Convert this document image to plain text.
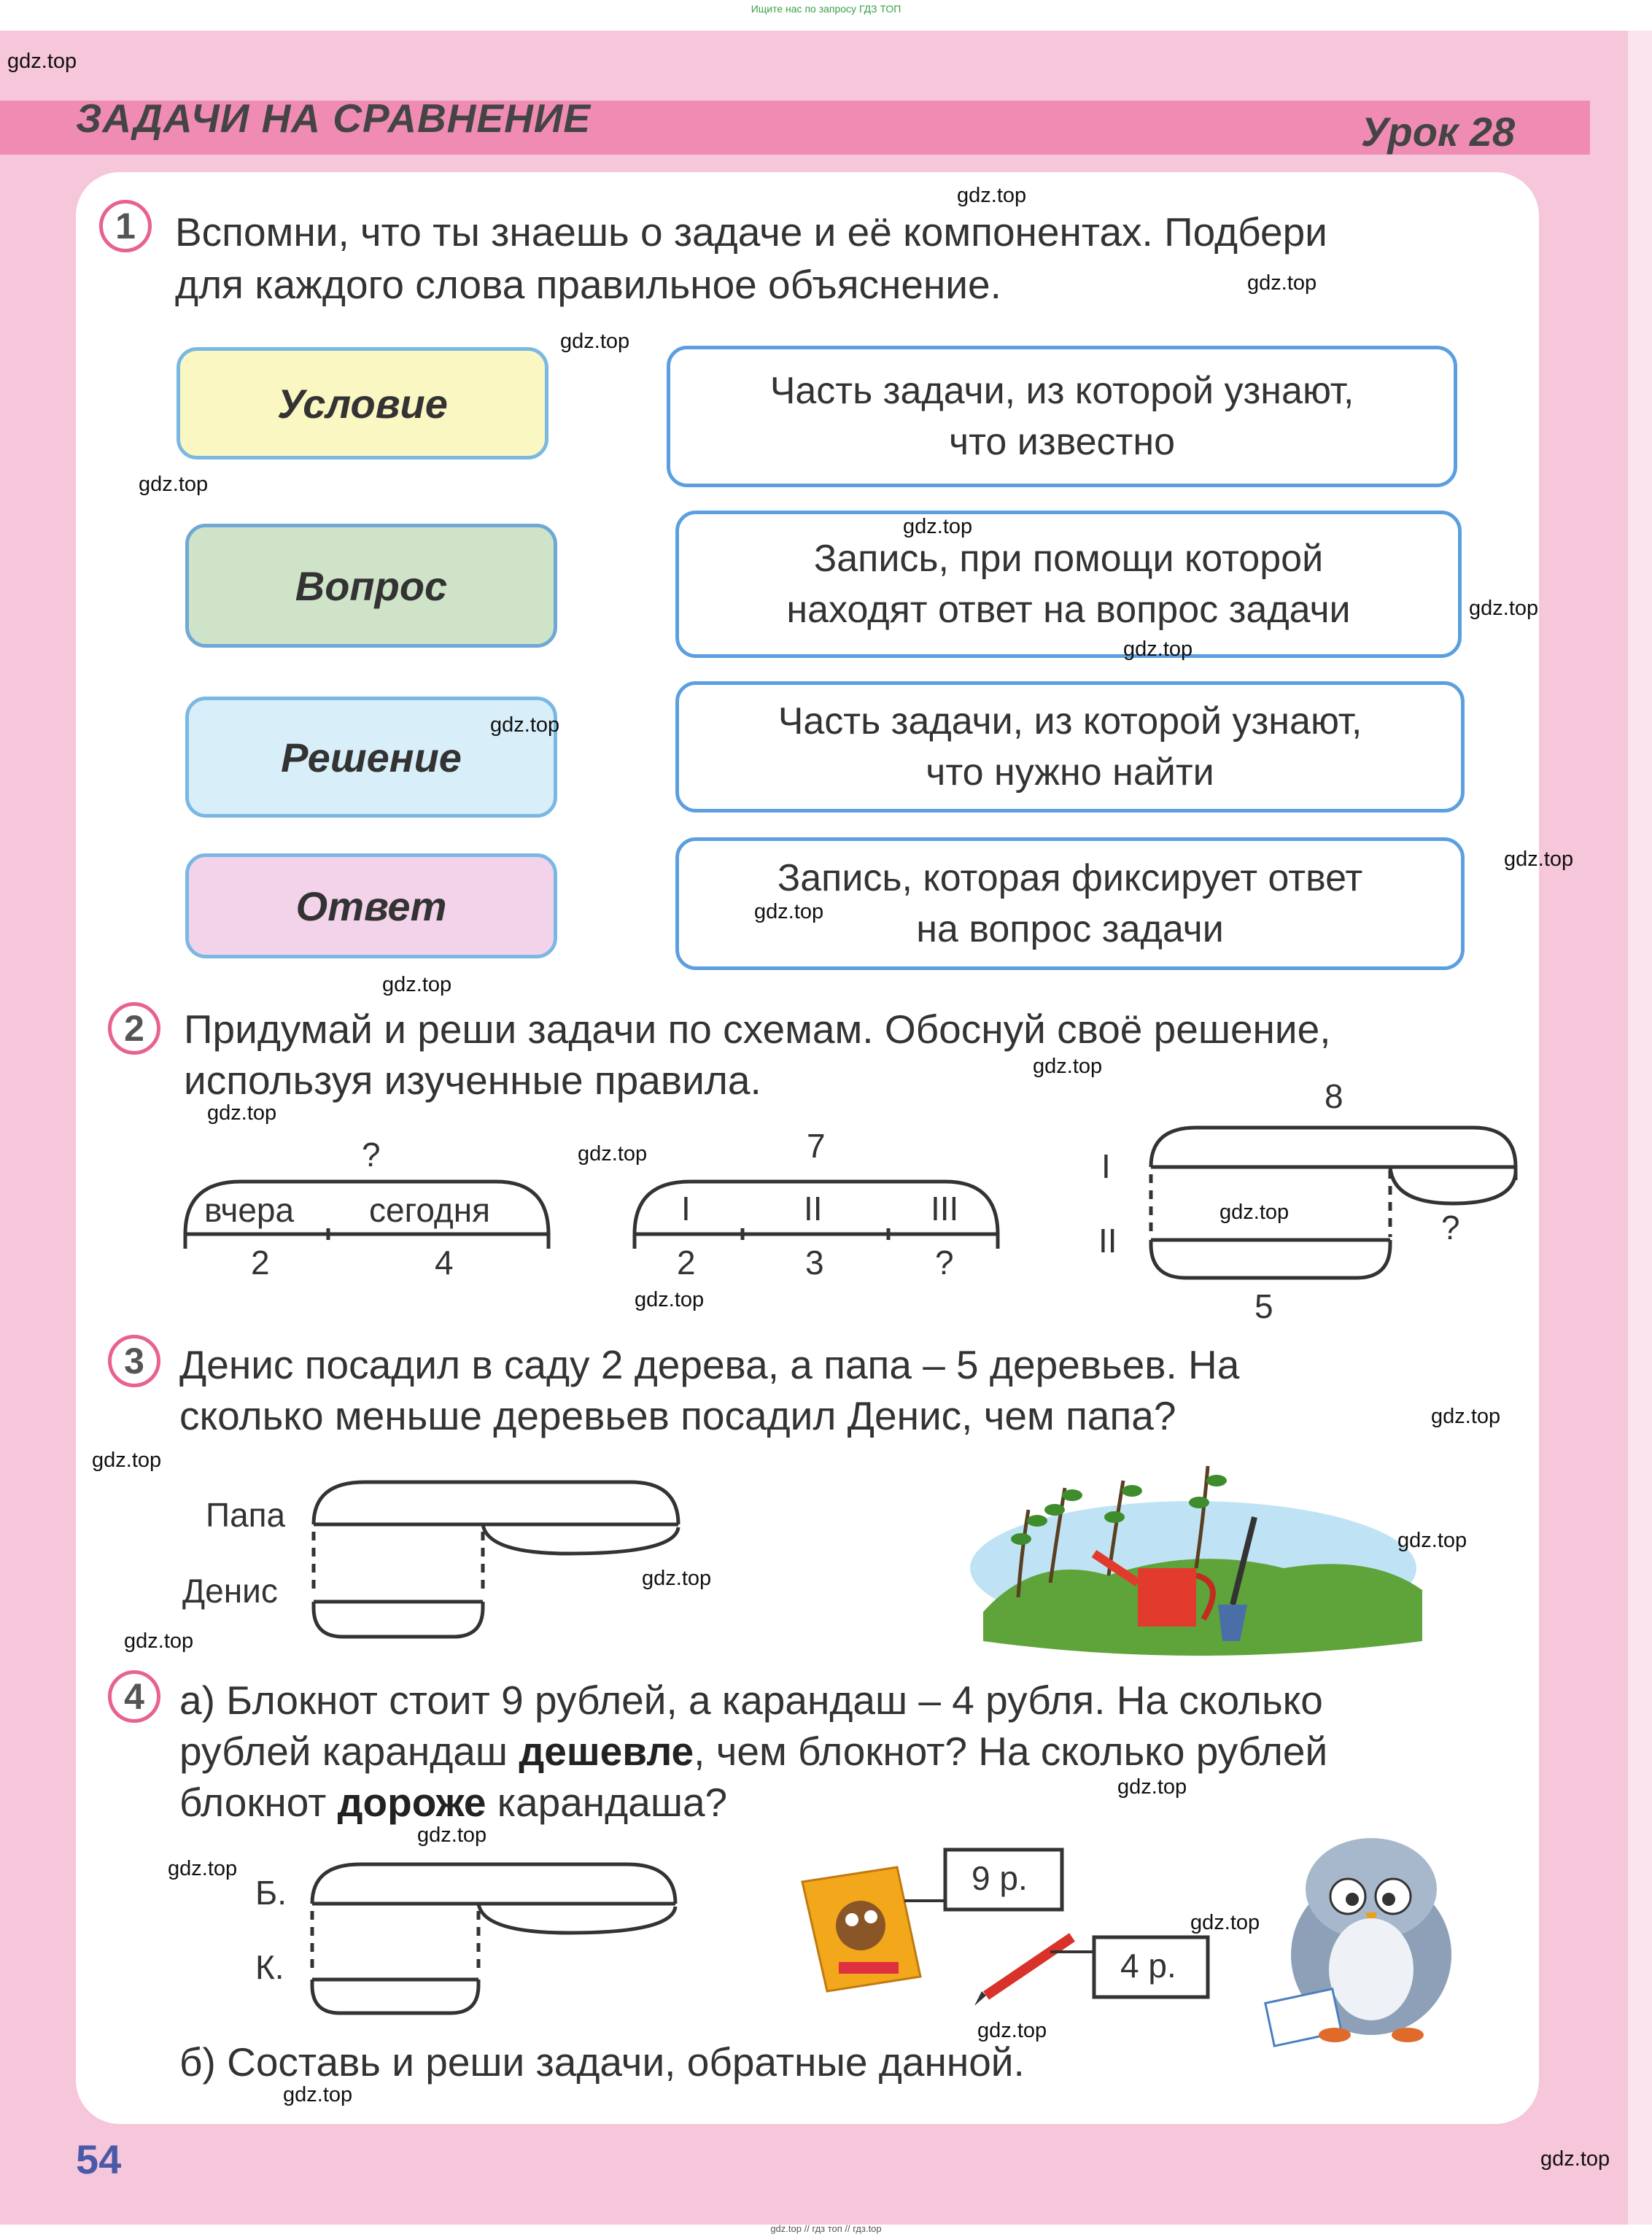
Ищите нас по запросу ГДЗ ТОП
gdz.top // гдз топ // гдз.top
ЗАДАЧИ НА СРАВНЕНИЕ	Урок 28
1 Вспомни, что ты знаешь о задаче и её компонентах. Подбери
для каждого слова правильное объяснение.
Условие
Вопрос
Решение
Ответ
Часть задачи, из которой узнают,
что известно
Запись, при помощи которой
находят ответ на вопрос задачи
Часть задачи, из которой узнают,
что нужно найти
Запись, которая фиксирует ответ
на вопрос задачи
2 Придумай и реши задачи по схемам. Обоснуй своё решение,
используя изученные правила.
3 Денис посадил в саду 2 дерева, а папа – 5 деревьев. На
сколько меньше деревьев посадил Денис, чем папа?
4 а) Блокнот стоит 9 рублей, а карандаш – 4 рубля. На сколько
рублей карандаш дешевле, чем блокнот? На сколько рублей
блокнот дороже карандаша?
б) Составь и реши задачи, обратные данной.
54
?
вчера сегодня
2	4
7
I	II	III
2	3	?
8
I
II	?
5
Папа
Денис
Б.
К.
9 р.
4 р.
gdz.top
gdz.top
gdz.top
gdz.top
gdz.top
gdz.top
gdz.top
gdz.top
gdz.top
gdz.top
gdz.top
gdz.top
gdz.top
gdz.top
gdz.top
gdz.top
gdz.top
gdz.top
gdz.top
gdz.top
gdz.top
gdz.top
gdz.top
gdz.top
gdz.top
gdz.top
gdz.top
gdz.top
gdz.top
